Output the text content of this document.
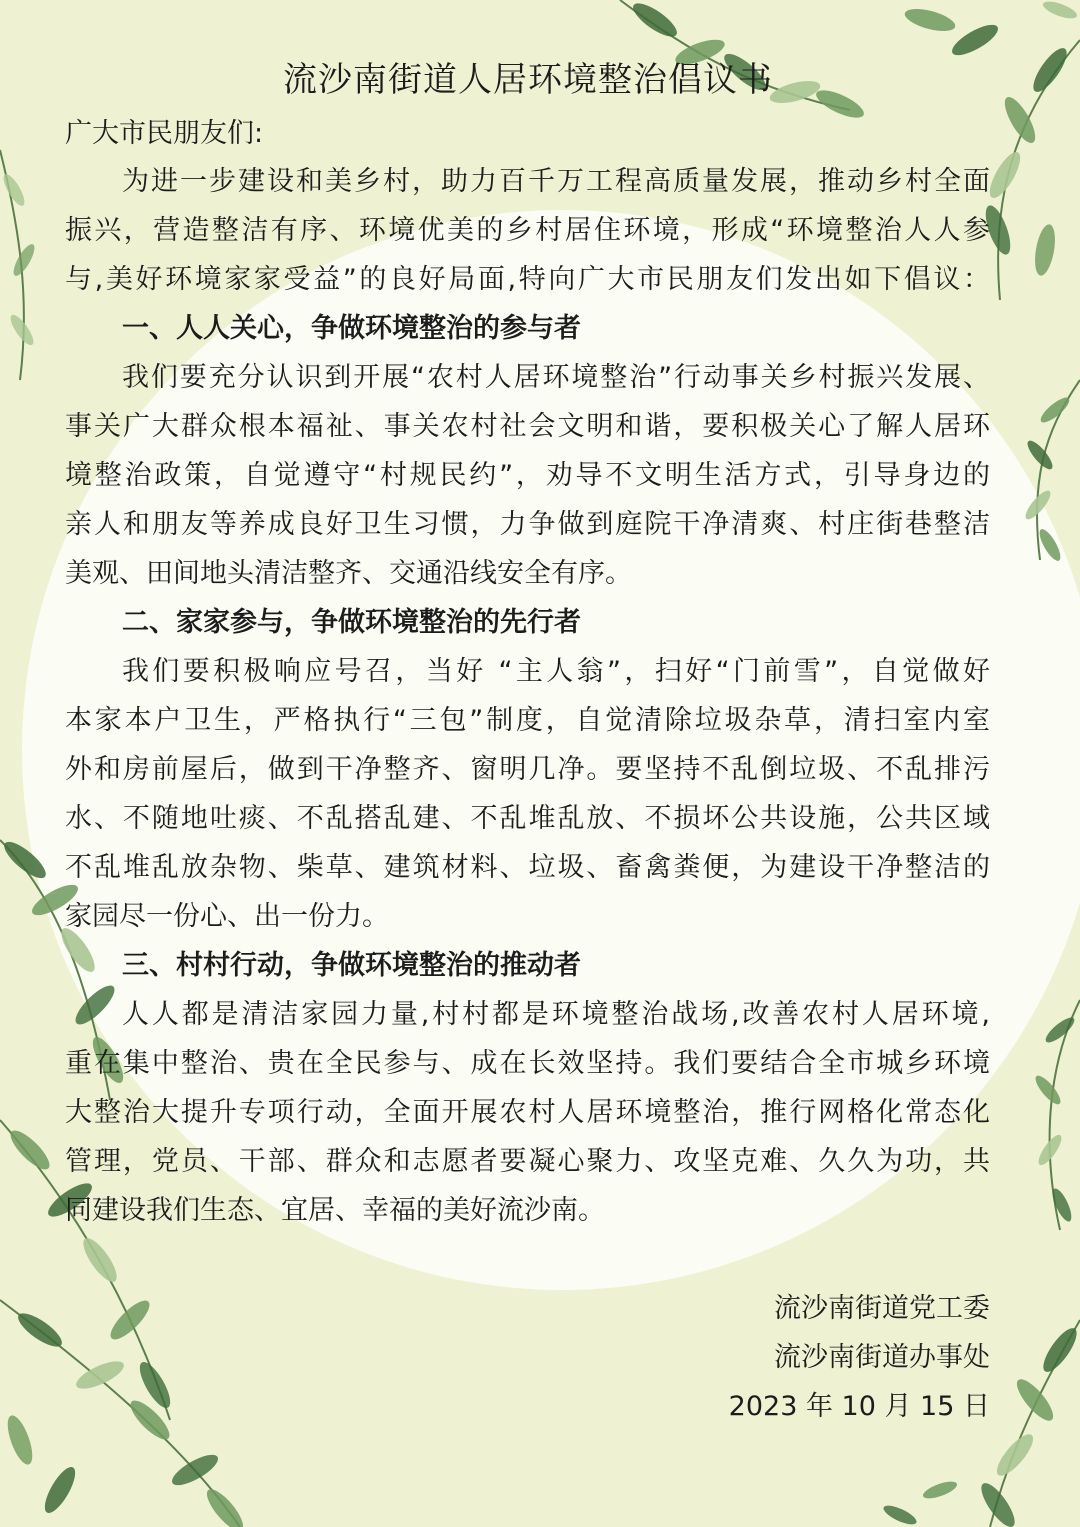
流沙南街道人居环境整治倡议书
广大市民朋友们:
为进一步建设和美乡村，助力百千万工程高质量发展，推动乡村全面
振兴，营造整洁有序、环境优美的乡村居住环境，形成“环境整治人人参
与,美好环境家家受益”的良好局面,特向广大市民朋友们发出如下倡议：
一、人人关心，争做环境整治的参与者
我们要充分认识到开展“农村人居环境整治”行动事关乡村振兴发展、
事关广大群众根本福祉、事关农村社会文明和谐，要积极关心了解人居环
境整治政策，自觉遵守“村规民约”，劝导不文明生活方式，引导身边的
亲人和朋友等养成良好卫生习惯，力争做到庭院干净清爽、村庄街巷整洁
美观、田间地头清洁整齐、交通沿线安全有序。
二、家家参与，争做环境整治的先行者
我们要积极响应号召，当好 “主人翁”，扫好“门前雪”，自觉做好
本家本户卫生，严格执行“三包”制度，自觉清除垃圾杂草，清扫室内室
外和房前屋后，做到干净整齐、窗明几净。要坚持不乱倒垃圾、不乱排污
水、不随地吐痰、不乱搭乱建、不乱堆乱放、不损坏公共设施，公共区域
不乱堆乱放杂物、柴草、建筑材料、垃圾、畜禽粪便，为建设干净整洁的
家园尽一份心、出一份力。
三、村村行动，争做环境整治的推动者
人人都是清洁家园力量,村村都是环境整治战场,改善农村人居环境,
重在集中整治、贵在全民参与、成在长效坚持。我们要结合全市城乡环境
大整治大提升专项行动，全面开展农村人居环境整治，推行网格化常态化
管理，党员、干部、群众和志愿者要凝心聚力、攻坚克难、久久为功，共
同建设我们生态、宜居、幸福的美好流沙南。
流沙南街道党工委
流沙南街道办事处
2023 年 10 月 15 日
